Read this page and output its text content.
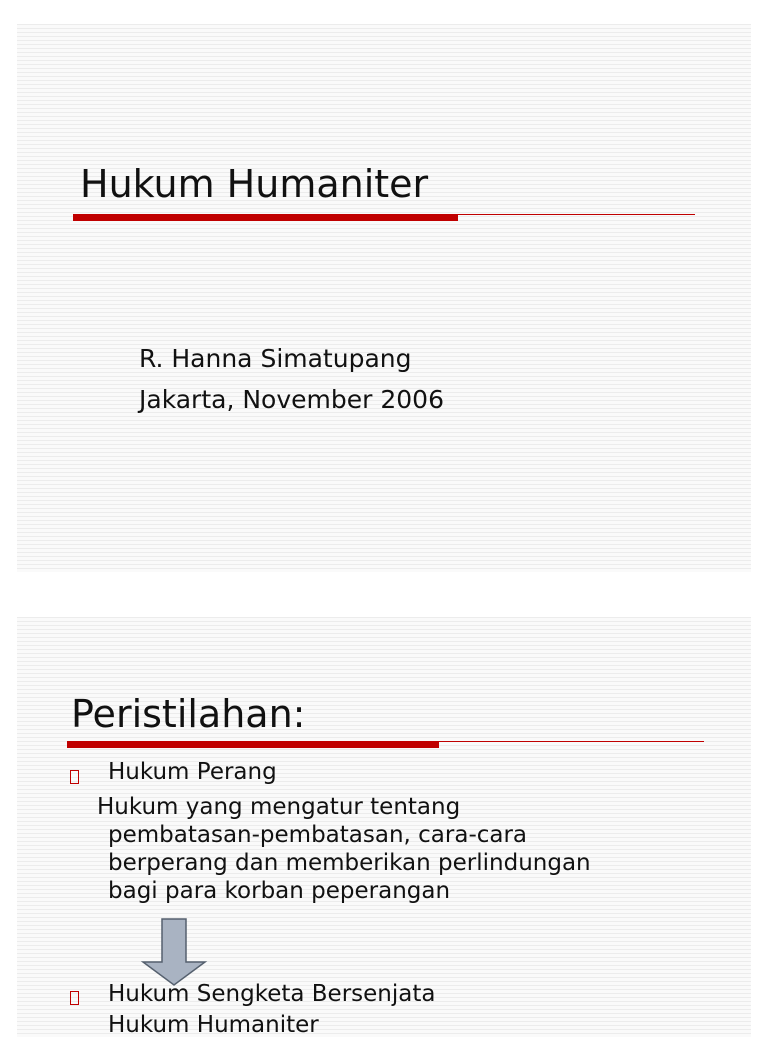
Hukum Humaniter
R. Hanna Simatupang
Jakarta, November 2006
Peristilahan:
Hukum Perang
Hukum yang mengatur tentang
pembatasan-pembatasan, cara-cara
berperang dan memberikan perlindungan
bagi para korban peperangan
Hukum Sengketa Bersenjata
Hukum Humaniter
